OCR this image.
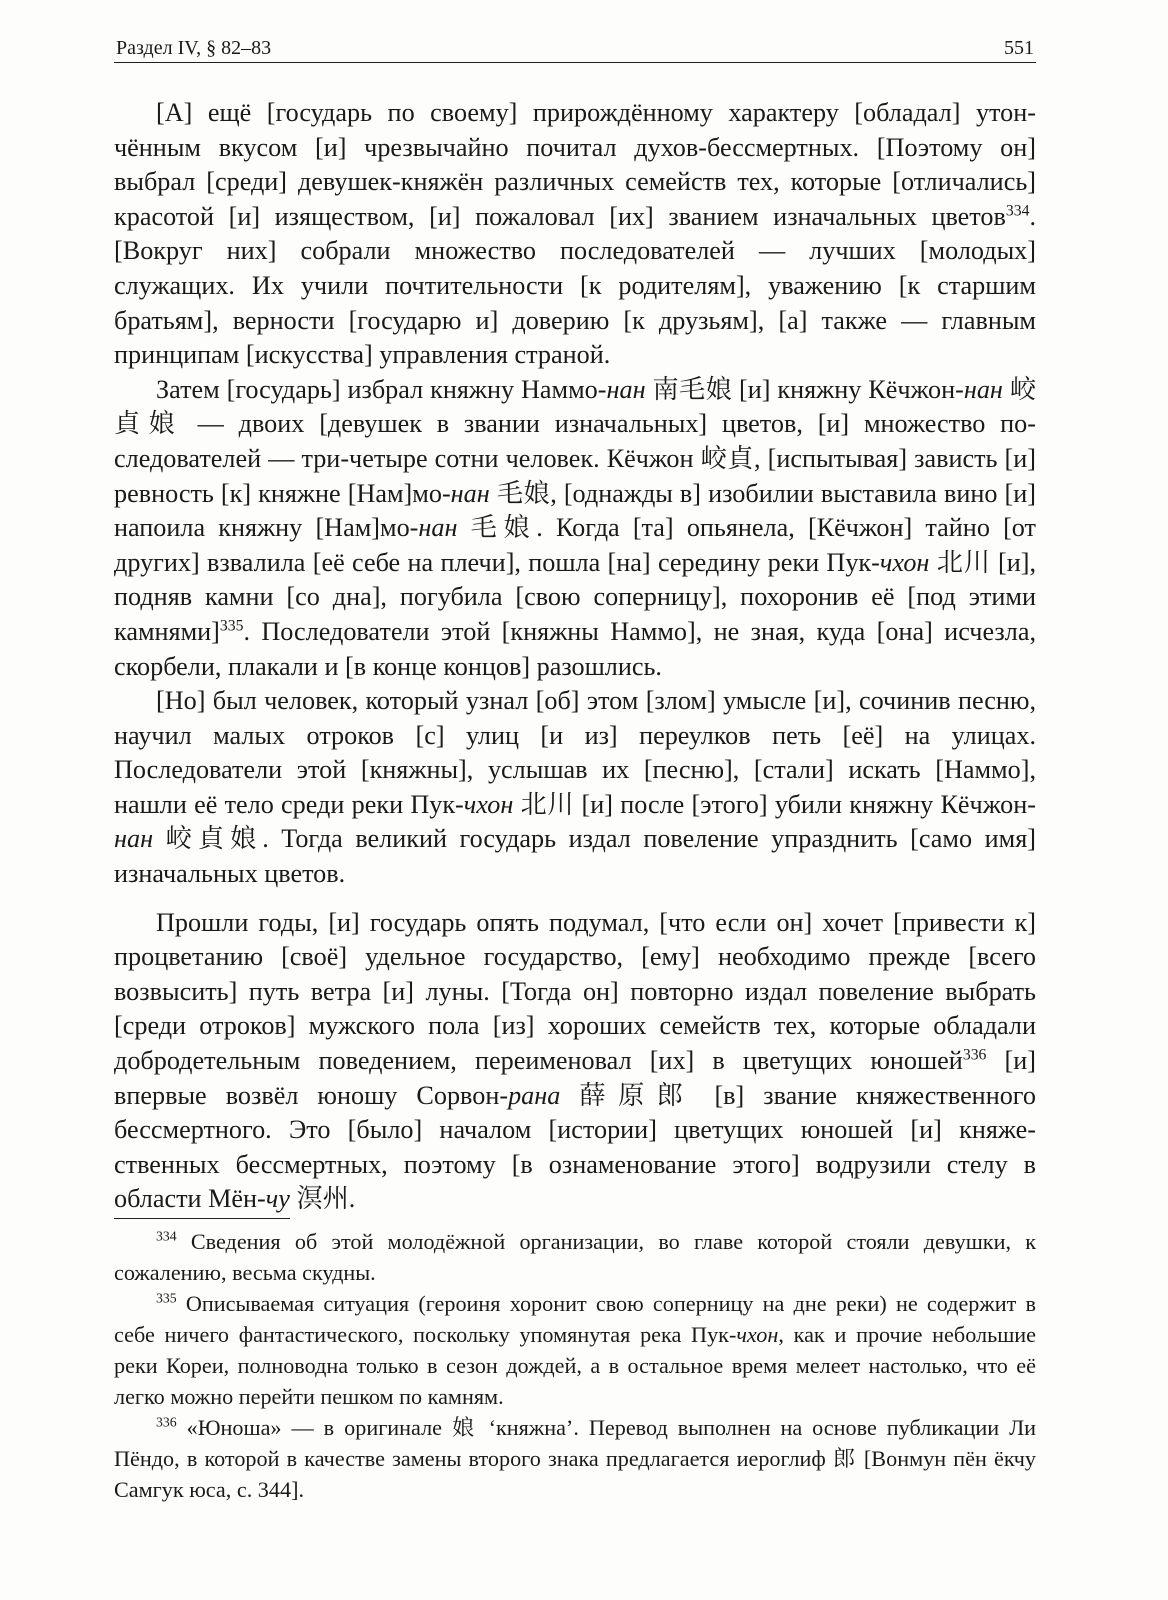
Раздел IV, § 82–83	551

[А] ещё [государь по своему] прирождённому характеру [обладал] утончённым вкусом [и] чрезвычайно почитал духов-бессмертных. [Поэтому он] выбрал [среди] девушек-княжён различных семейств тех, которые [отличались] красотой [и] изяществом, [и] пожаловал [их] званием изначальных цветов$^{334}$. [Вокруг них] собрали множество последователей — лучших [молодых] служащих. Их учили почтительности [к родителям], уважению [к старшим братьям], верности [государю и] доверию [к друзьям], [а] также — главным принципам [искусства] управления страной.

Затем [государь] избрал княжну Наммо-нан 南毛娘 [и] княжну Кёчжон-нан 峧貞娘 — двоих [девушек в звании изначальных] цветов, [и] множество последователей — три-четыре сотни человек. Кёчжон 峧貞, [испытывая] зависть [и] ревность [к] княжне [Нам]мо-нан 毛娘, [однажды в] изобилии выставила вино [и] напоила княжну [Нам]мо-нан 毛娘. Когда [та] опьянела, [Кёчжон] тайно [от других] взвалила [её себе на плечи], пошла [на] середину реки Пук-чхон 北川 [и], подняв камни [со дна], погубила [свою соперницу], похоронив её [под этими камнями]$^{335}$. Последователи этой [княжны Наммо], не зная, куда [она] исчезла, скорбели, плакали и [в конце концов] разошлись.

[Но] был человек, который узнал [об] этом [злом] умысле [и], сочинив песню, научил малых отроков [с] улиц [и из] переулков петь [её] на улицах. Последователи этой [княжны], услышав их [песню], [стали] искать [Наммо], нашли её тело среди реки Пук-чхон 北川 [и] после [этого] убили княжну Кёчжон-нан 峧貞娘. Тогда великий государь издал повеление упразднить [само имя] изначальных цветов.

Прошли годы, [и] государь опять подумал, [что если он] хочет [привести к] процветанию [своё] удельное государство, [ему] необходимо прежде [всего возвысить] путь ветра [и] луны. [Тогда он] повторно издал повеление выбрать [среди отроков] мужского пола [из] хороших семейств тех, которые обладали добродетельным поведением, переименовал [их] в цветущих юношей$^{336}$ [и] впервые возвёл юношу Сорвон-рана 薛原郎 [в] звание княжественного бессмертного. Это [было] началом [истории] цветущих юношей [и] княжественных бессмертных, поэтому [в ознаменование этого] водрузили стелу в области Мён-чу 溟州.

$^{334}$ Сведения об этой молодёжной организации, во главе которой стояли девушки, к сожалению, весьма скудны.

$^{335}$ Описываемая ситуация (героиня хоронит свою соперницу на дне реки) не содержит в себе ничего фантастического, поскольку упомянутая река Пук-чхон, как и прочие небольшие реки Кореи, полноводна только в сезон дождей, а в остальное время мелеет настолько, что её легко можно перейти пешком по камням.

$^{336}$ «Юноша» — в оригинале 娘 ‘княжна’. Перевод выполнен на основе публикации Ли Пёндо, в которой в качестве замены второго знака предлагается иероглиф 郎 [Вонмун пён ёкчу Самгук юса, с. 344].
